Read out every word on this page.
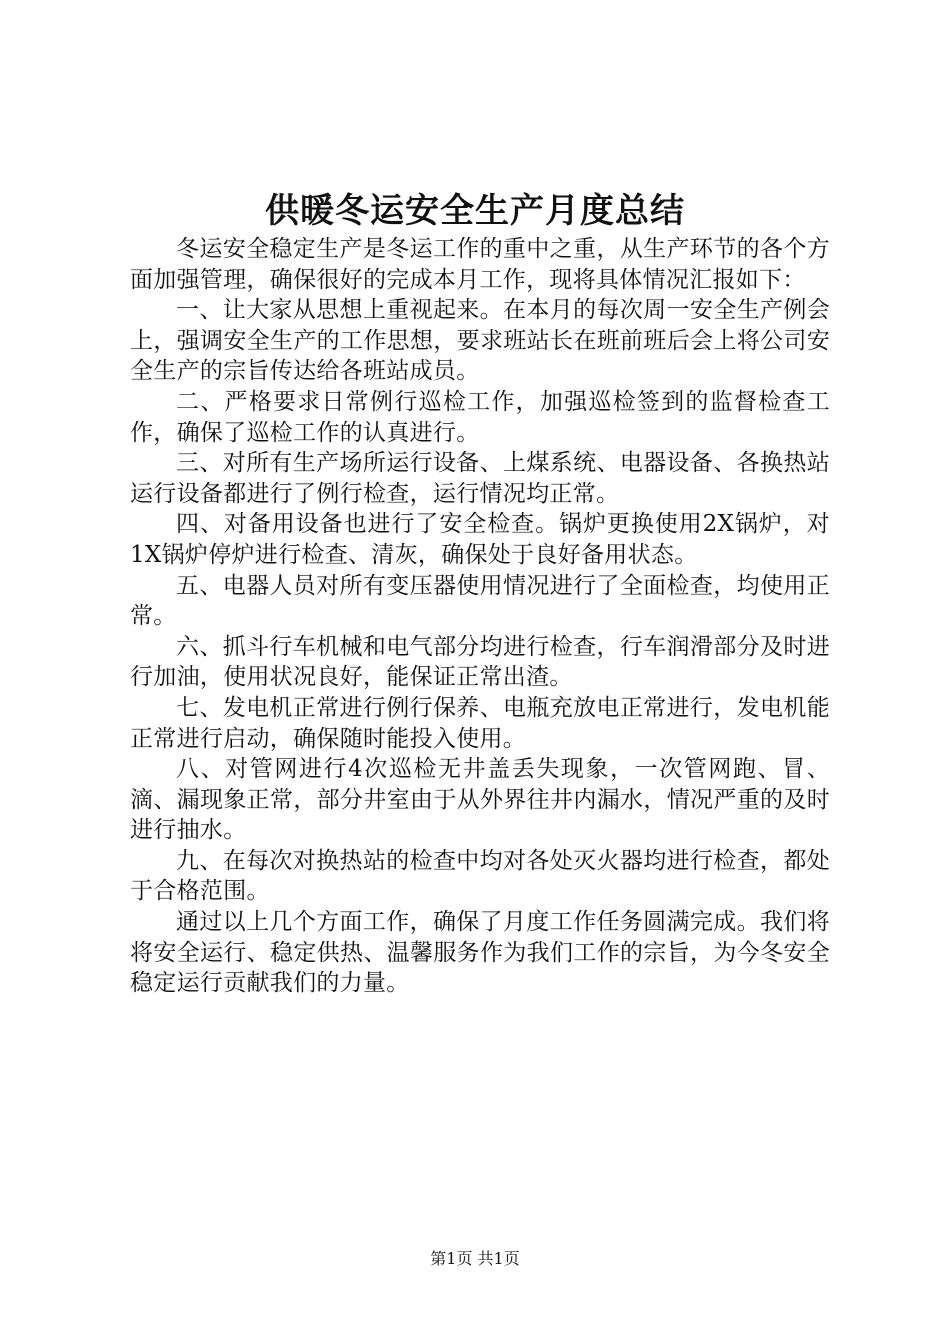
供暖冬运安全生产月度总结

冬运安全稳定生产是冬运工作的重中之重，从生产环节的各个方面加强管理，确保很好的完成本月工作，现将具体情况汇报如下：

一、让大家从思想上重视起来。在本月的每次周一安全生产例会上，强调安全生产的工作思想，要求班站长在班前班后会上将公司安全生产的宗旨传达给各班站成员。

二、严格要求日常例行巡检工作，加强巡检签到的监督检查工作，确保了巡检工作的认真进行。

三、对所有生产场所运行设备、上煤系统、电器设备、各换热站运行设备都进行了例行检查，运行情况均正常。

四、对备用设备也进行了安全检查。锅炉更换使用2X锅炉，对1X锅炉停炉进行检查、清灰，确保处于良好备用状态。

五、电器人员对所有变压器使用情况进行了全面检查，均使用正常。

六、抓斗行车机械和电气部分均进行检查，行车润滑部分及时进行加油，使用状况良好，能保证正常出渣。

七、发电机正常进行例行保养、电瓶充放电正常进行，发电机能正常进行启动，确保随时能投入使用。

八、对管网进行4次巡检无井盖丢失现象，一次管网跑、冒、滴、漏现象正常，部分井室由于从外界往井内漏水，情况严重的及时进行抽水。

九、在每次对换热站的检查中均对各处灭火器均进行检查，都处于合格范围。

通过以上几个方面工作，确保了月度工作任务圆满完成。我们将将安全运行、稳定供热、温馨服务作为我们工作的宗旨，为今冬安全稳定运行贡献我们的力量。

第1页 共1页
